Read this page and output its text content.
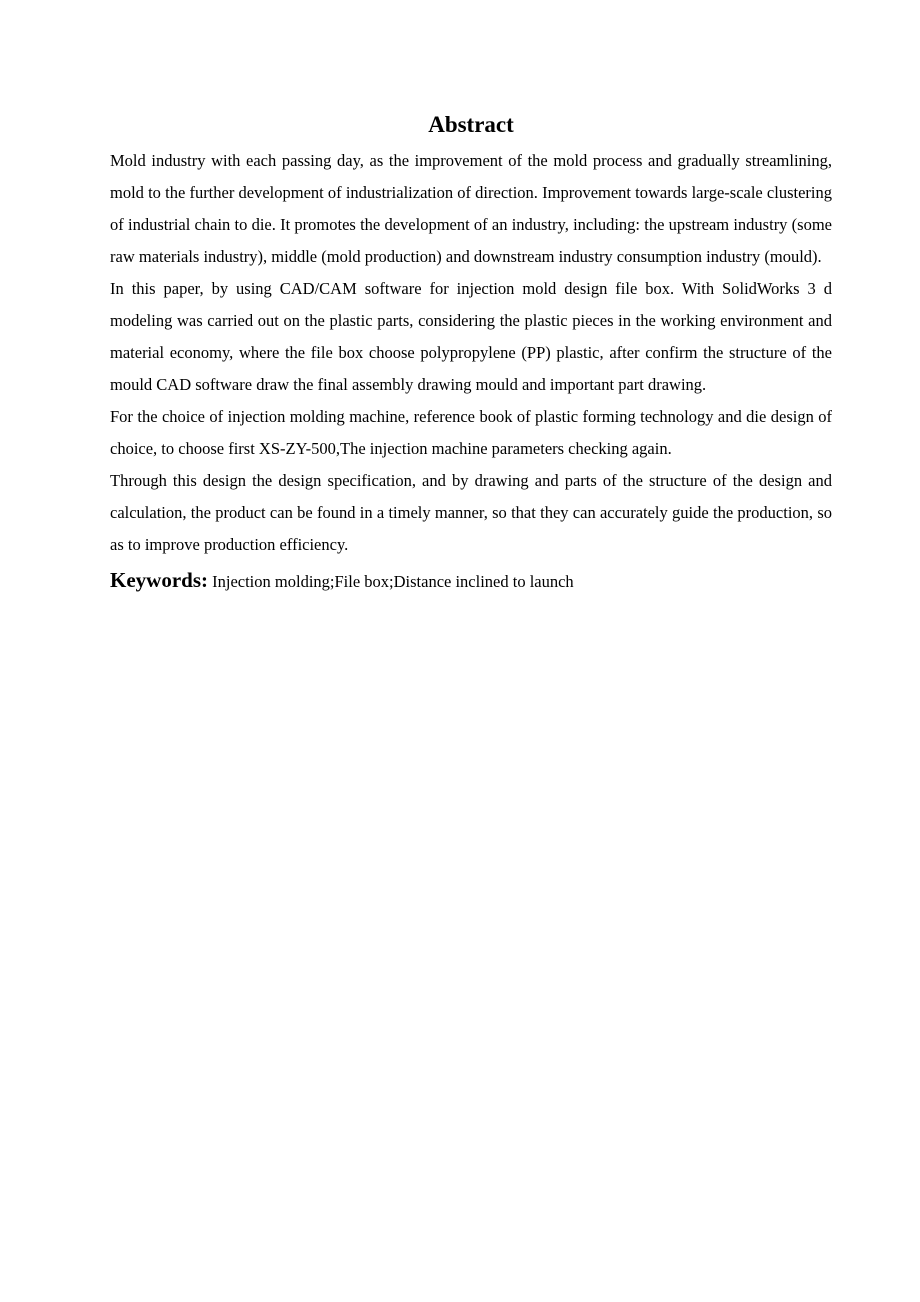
Abstract

Mold industry with each passing day, as the improvement of the mold process and gradually streamlining, mold to the further development of industrialization of direction. Improvement towards large-scale clustering of industrial chain to die. It promotes the development of an industry, including: the upstream industry (some raw materials industry), middle (mold production) and downstream industry consumption industry (mould).

In this paper, by using CAD/CAM software for injection mold design file box. With SolidWorks 3 d modeling was carried out on the plastic parts, considering the plastic pieces in the working environment and material economy, where the file box choose polypropylene (PP) plastic, after confirm the structure of the mould CAD software draw the final assembly drawing mould and important part drawing.

For the choice of injection molding machine, reference book of plastic forming technology and die design of choice, to choose first XS-ZY-500,The injection machine parameters checking again.

Through this design the design specification, and by drawing and parts of the structure of the design and calculation, the product can be found in a timely manner, so that they can accurately guide the production, so as to improve production efficiency.

Keywords: Injection molding;File box;Distance inclined to launch
